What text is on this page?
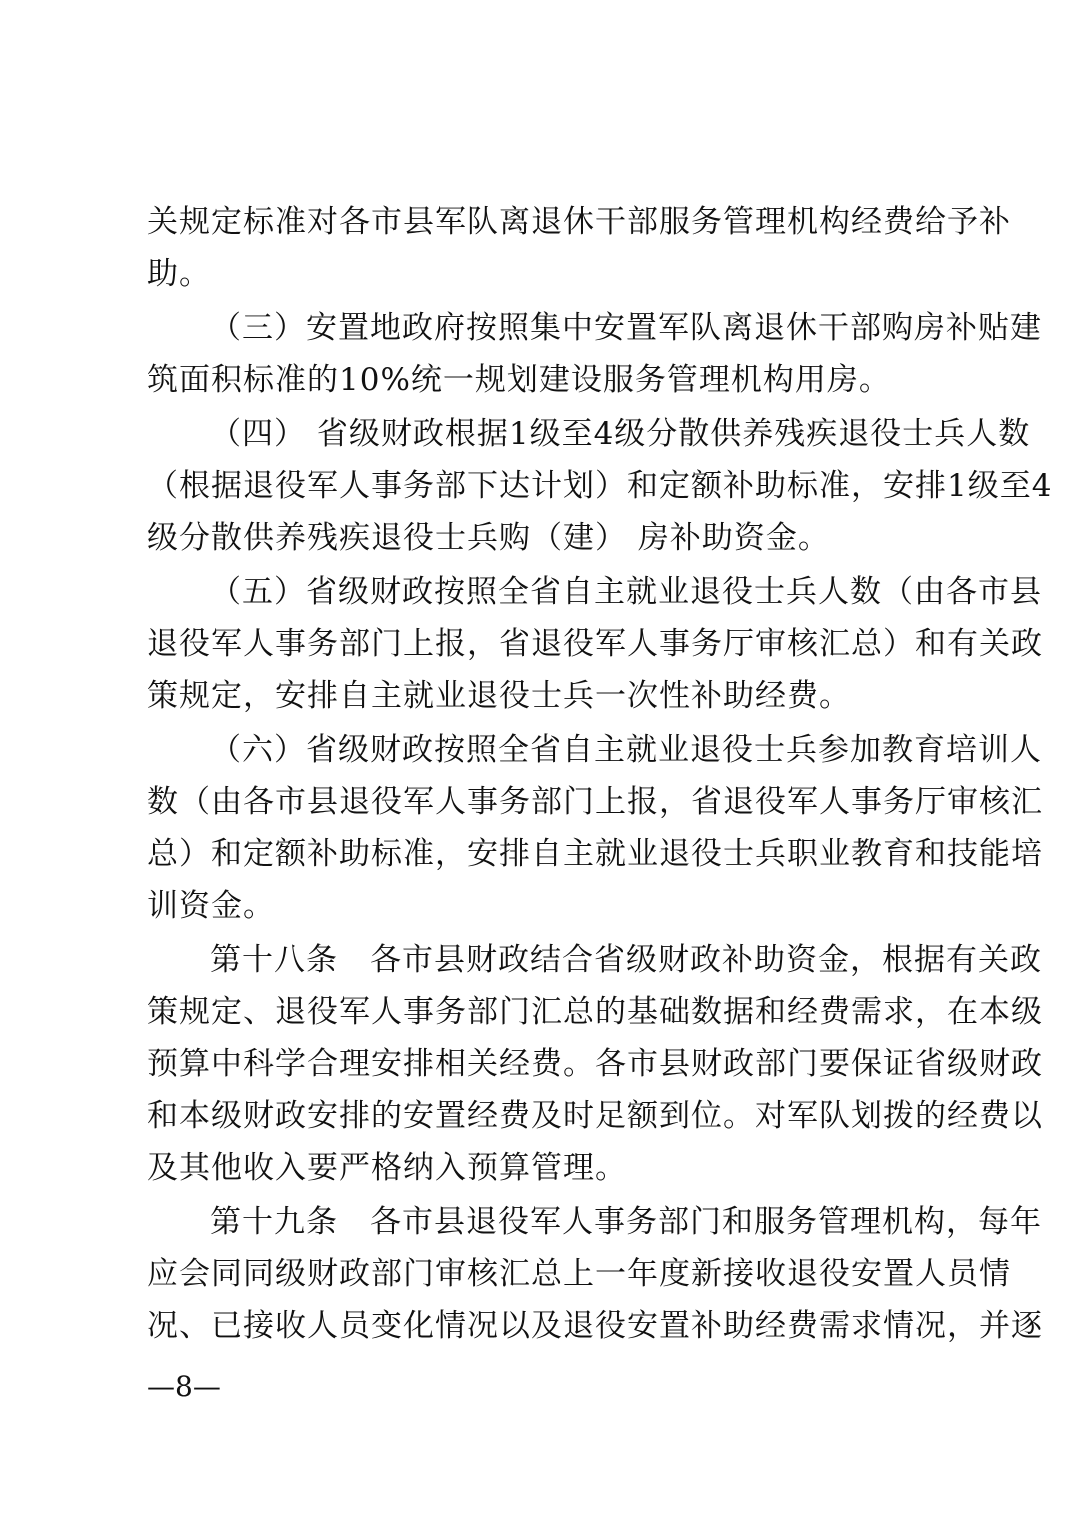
关规定标准对各市县军队离退休干部服务管理机构经费给予补
助。
（三）安置地政府按照集中安置军队离退休干部购房补贴建
筑面积标准的10%统一规划建设服务管理机构用房。
（四） 省级财政根据1级至4级分散供养残疾退役士兵人数
（根据退役军人事务部下达计划）和定额补助标准，安排1级至4
级分散供养残疾退役士兵购（建） 房补助资金。
（五）省级财政按照全省自主就业退役士兵人数（由各市县
退役军人事务部门上报，省退役军人事务厅审核汇总）和有关政
策规定，安排自主就业退役士兵一次性补助经费。
（六）省级财政按照全省自主就业退役士兵参加教育培训人
数（由各市县退役军人事务部门上报，省退役军人事务厅审核汇
总）和定额补助标准，安排自主就业退役士兵职业教育和技能培
训资金。
第十八条　各市县财政结合省级财政补助资金，根据有关政
策规定、退役军人事务部门汇总的基础数据和经费需求，在本级
预算中科学合理安排相关经费。各市县财政部门要保证省级财政
和本级财政安排的安置经费及时足额到位。对军队划拨的经费以
及其他收入要严格纳入预算管理。
第十九条　各市县退役军人事务部门和服务管理机构，每年
应会同同级财政部门审核汇总上一年度新接收退役安置人员情
况、已接收人员变化情况以及退役安置补助经费需求情况，并逐
—8—
